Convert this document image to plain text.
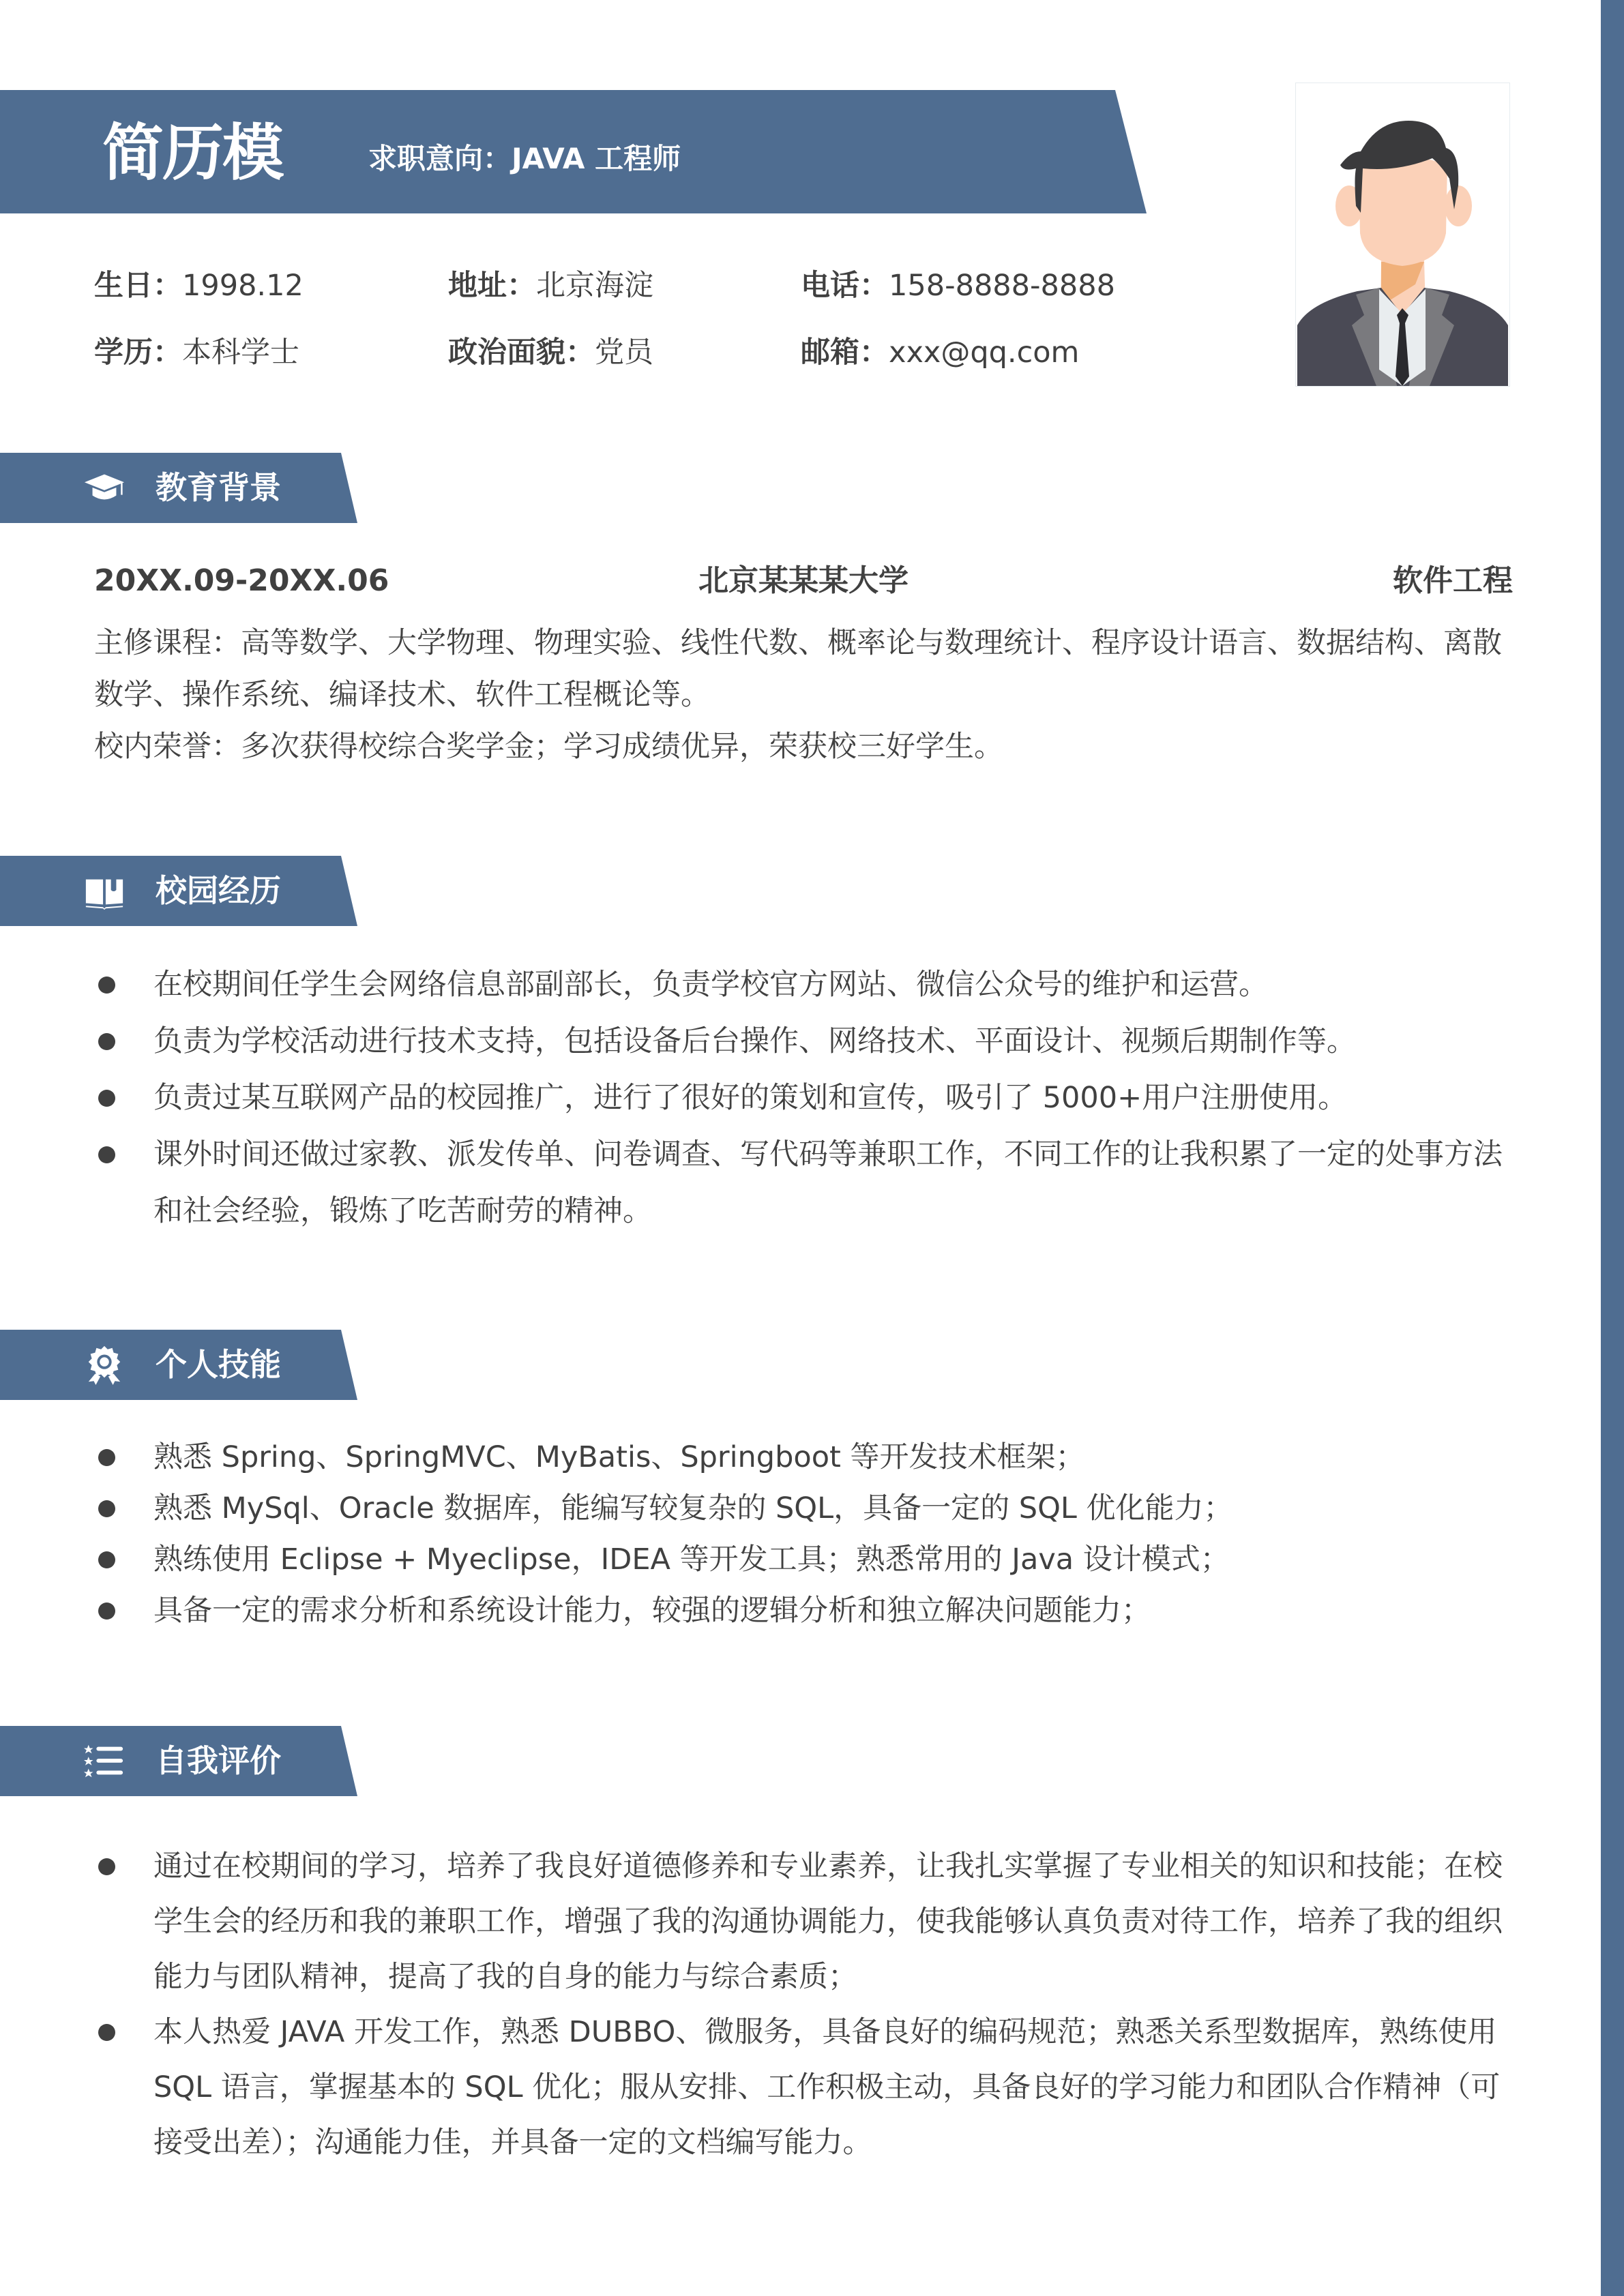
简历模	求职意向：JAVA 工程师
生日：1998.12	地址：北京海淀	电话：158-8888-8888
学历：本科学士	政治面貌：党员	邮箱：xxx@qq.com
教育背景
20XX.09-20XX.06	北京某某某大学	软件工程

主修课程：高等数学、大学物理、物理实验、线性代数、概率论与数理统计、程序设计语言、数据结构、离散数学、操作系统、编译技术、软件工程概论等。

校内荣誉：多次获得校综合奖学金；学习成绩优异，荣获校三好学生。

校园经历
在校期间任学生会网络信息部副部长，负责学校官方网站、微信公众号的维护和运营。
负责为学校活动进行技术支持，包括设备后台操作、网络技术、平面设计、视频后期制作等。
负责过某互联网产品的校园推广，进行了很好的策划和宣传，吸引了 5000+用户注册使用。
课外时间还做过家教、派发传单、问卷调查、写代码等兼职工作，不同工作的让我积累了一定的处事方法和社会经验，锻炼了吃苦耐劳的精神。
个人技能
熟悉 Spring、SpringMVC、MyBatis、Springboot 等开发技术框架；
熟悉 MySql、Oracle 数据库，能编写较复杂的 SQL，具备一定的 SQL 优化能力；
熟练使用 Eclipse + Myeclipse，IDEA 等开发工具；熟悉常用的 Java 设计模式；
具备一定的需求分析和系统设计能力，较强的逻辑分析和独立解决问题能力；
自我评价
通过在校期间的学习，培养了我良好道德修养和专业素养，让我扎实掌握了专业相关的知识和技能；在校学生会的经历和我的兼职工作，增强了我的沟通协调能力，使我能够认真负责对待工作，培养了我的组织能力与团队精神，提高了我的自身的能力与综合素质；
本人热爱 JAVA 开发工作，熟悉 DUBBO、微服务，具备良好的编码规范；熟悉关系型数据库，熟练使用 SQL 语言，掌握基本的 SQL 优化；服从安排、工作积极主动，具备良好的学习能力和团队合作精神（可接受出差）；沟通能力佳，并具备一定的文档编写能力。
